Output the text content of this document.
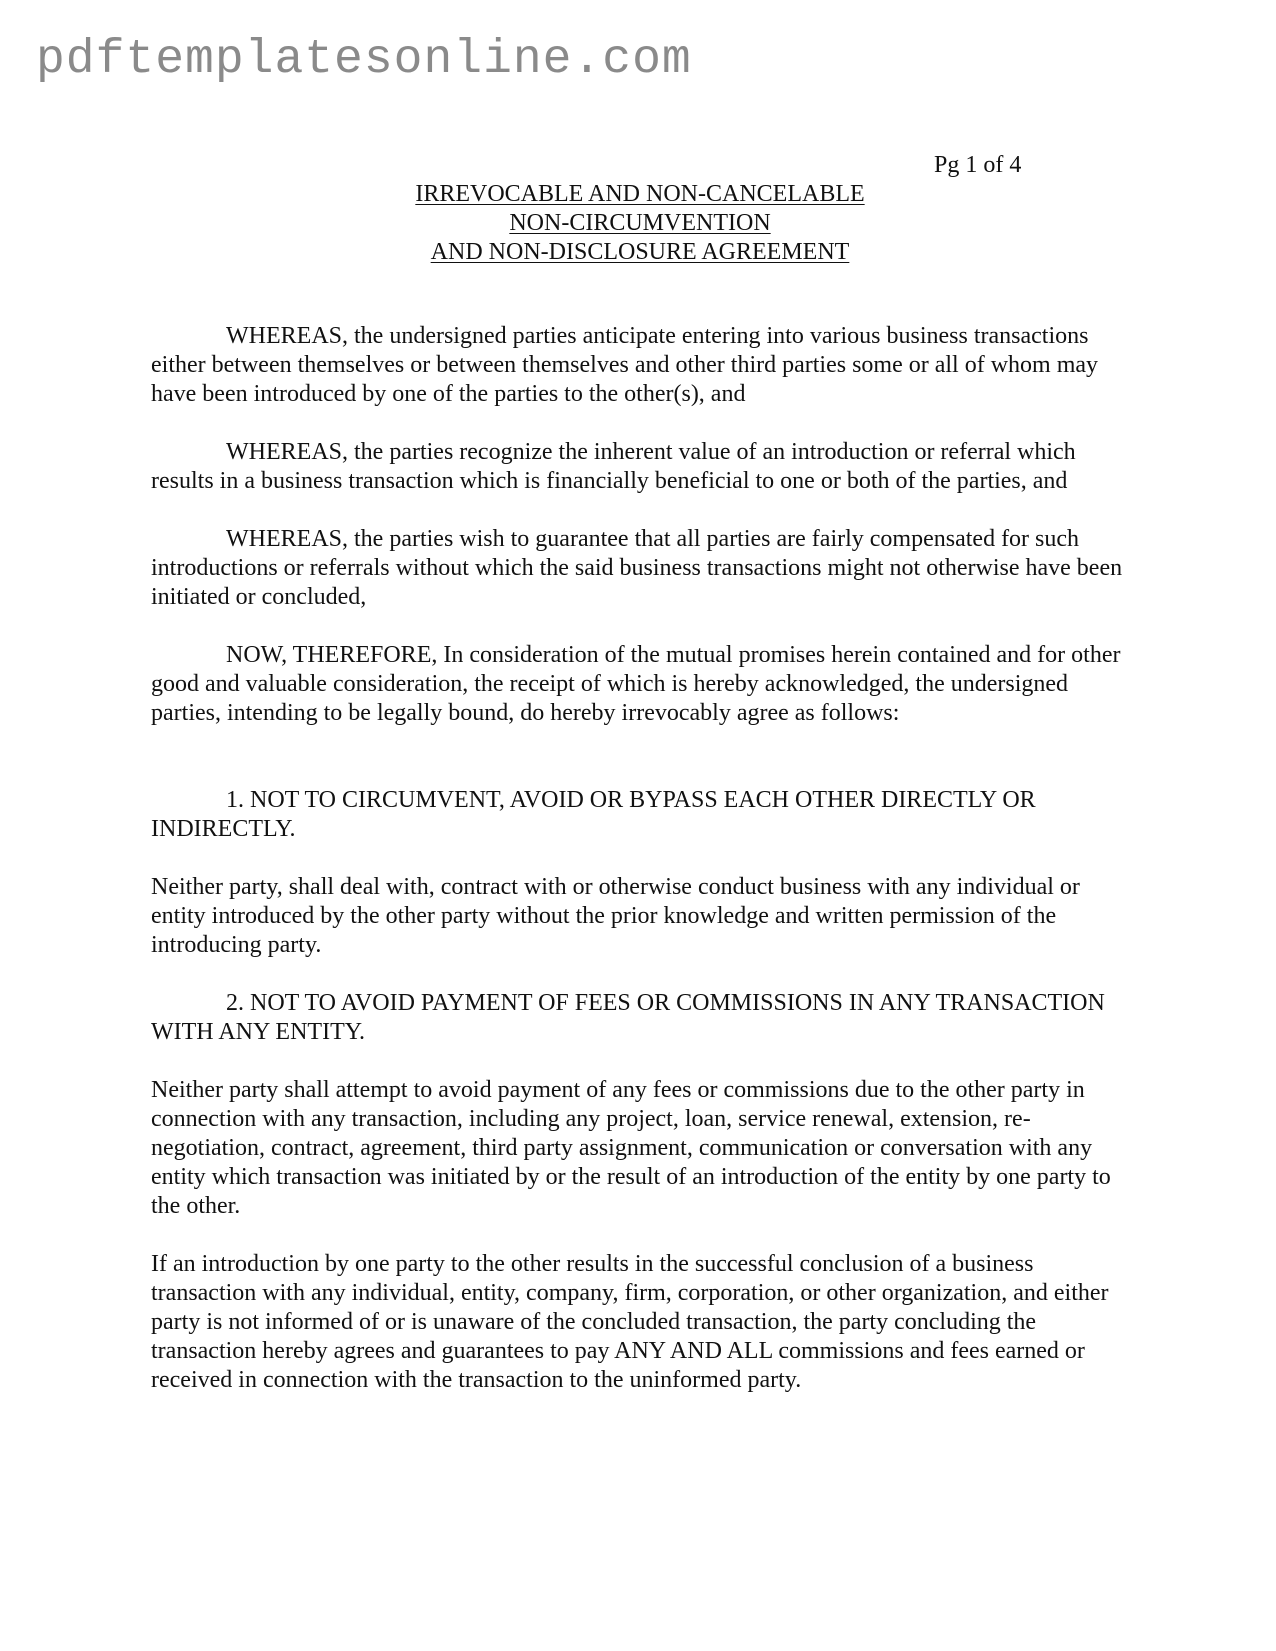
pdftemplatesonline.com
Pg 1 of 4
IRREVOCABLE AND NON-CANCELABLE
NON-CIRCUMVENTION
AND NON-DISCLOSURE AGREEMENT

WHEREAS, the undersigned parties anticipate entering into various business transactions either between themselves or between themselves and other third parties some or all of whom may have been introduced by one of the parties to the other(s), and

WHEREAS, the parties recognize the inherent value of an introduction or referral which results in a business transaction which is financially beneficial to one or both of the parties, and

WHEREAS, the parties wish to guarantee that all parties are fairly compensated for such introductions or referrals without which the said business transactions might not otherwise have been initiated or concluded,

NOW, THEREFORE, In consideration of the mutual promises herein contained and for other good and valuable consideration, the receipt of which is hereby acknowledged, the undersigned parties, intending to be legally bound, do hereby irrevocably agree as follows:

1. NOT TO CIRCUMVENT, AVOID OR BYPASS EACH OTHER DIRECTLY OR INDIRECTLY.

Neither party, shall deal with, contract with or otherwise conduct business with any individual or entity introduced by the other party without the prior knowledge and written permission of the introducing party.

2. NOT TO AVOID PAYMENT OF FEES OR COMMISSIONS IN ANY TRANSACTION WITH ANY ENTITY.

Neither party shall attempt to avoid payment of any fees or commissions due to the other party in connection with any transaction, including any project, loan, service renewal, extension, re-negotiation, contract, agreement, third party assignment, communication or conversation with any entity which transaction was initiated by or the result of an introduction of the entity by one party to the other.

If an introduction by one party to the other results in the successful conclusion of a business transaction with any individual, entity, company, firm, corporation, or other organization, and either party is not informed of or is unaware of the concluded transaction, the party concluding the transaction hereby agrees and guarantees to pay ANY AND ALL commissions and fees earned or received in connection with the transaction to the uninformed party.
